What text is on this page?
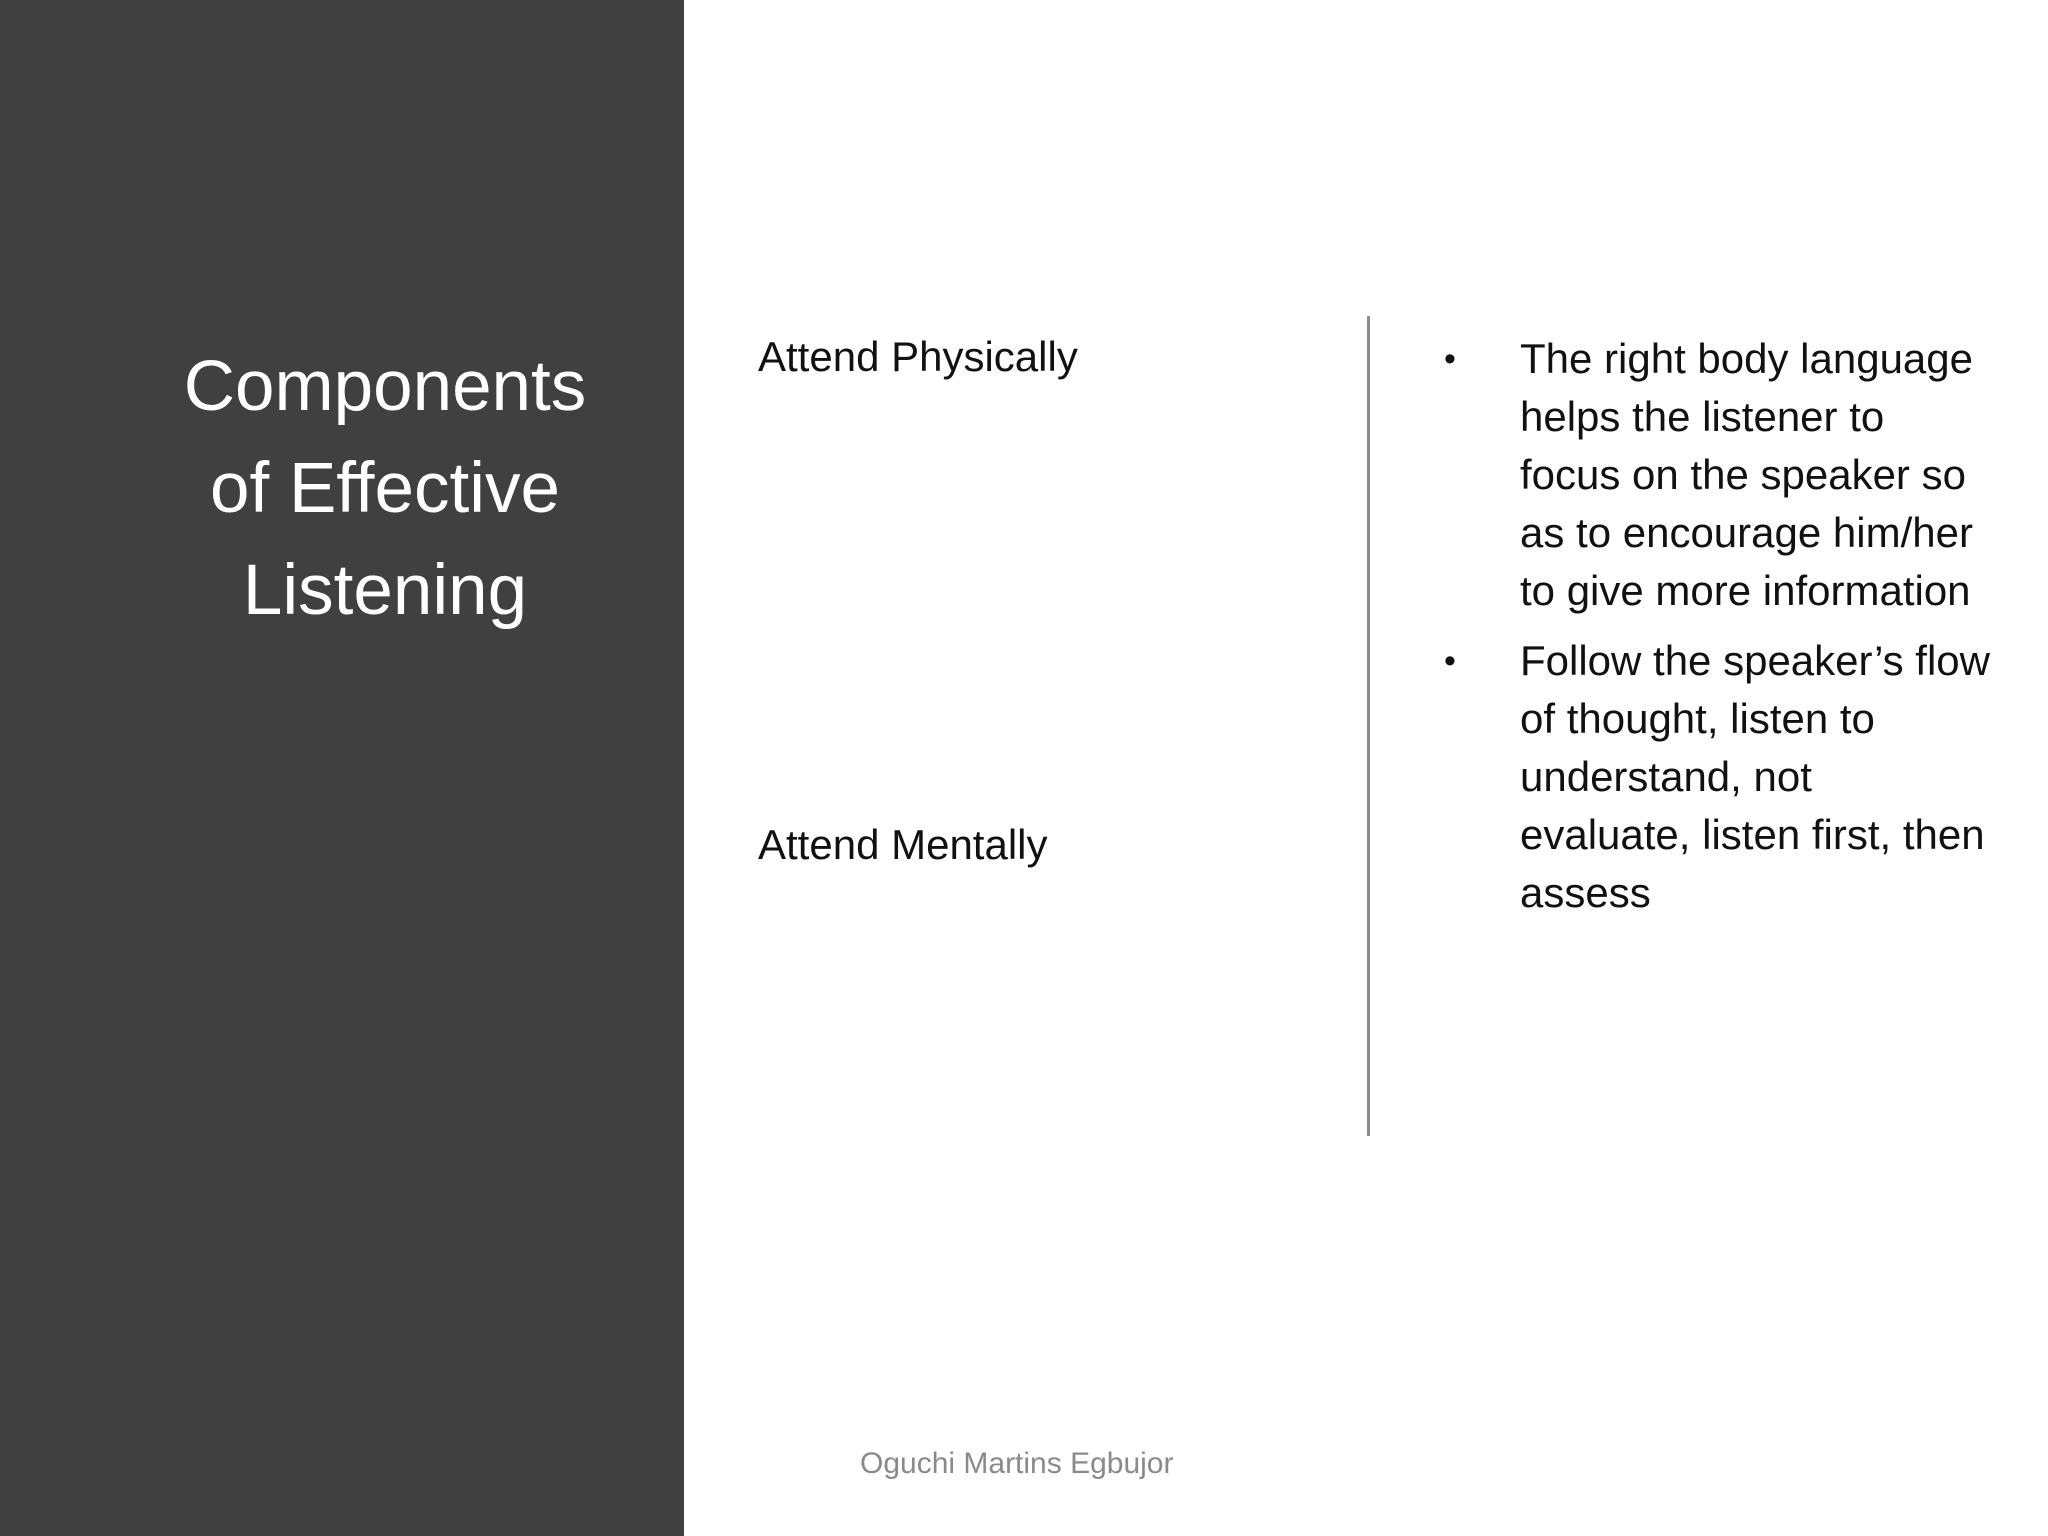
Components
of Effective
Listening

Attend Physically

Attend Mentally

• The right body language helps the listener to focus on the speaker so as to encourage him/her to give more information
• Follow the speaker’s flow of thought, listen to understand, not evaluate, listen first, then assess

Oguchi Martins Egbujor
